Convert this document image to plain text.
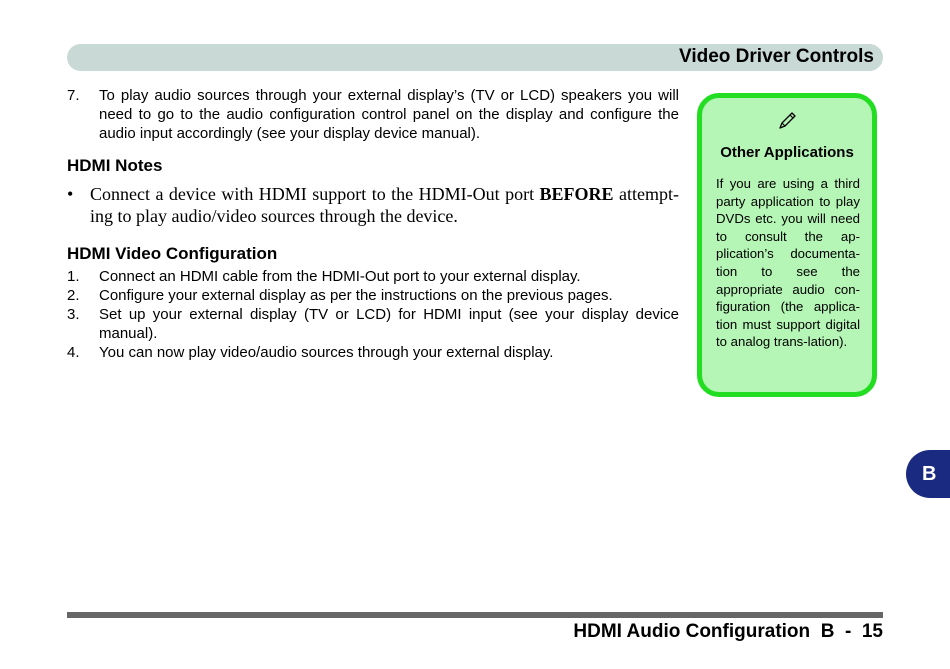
Video Driver Controls
7. To play audio sources through your external display’s (TV or LCD) speakers you will need to go to the audio configuration control panel on the display and configure the audio input accordingly (see your display device manual).
HDMI Notes
• Connect a device with HDMI support to the HDMI-Out port BEFORE attempt-ing to play audio/video sources through the device.
HDMI Video Configuration
1. Connect an HDMI cable from the HDMI-Out port to your external display.
2. Configure your external display as per the instructions on the previous pages.
3. Set up your external display (TV or LCD) for HDMI input (see your display device manual).
4. You can now play video/audio sources through your external display.
Other Applications
If you are using a third party application to play DVDs etc. you will need to consult the ap-plication’s documenta-tion to see the appropriate audio con-figuration (the applica-tion must support digital to analog trans-lation).
B
HDMI Audio Configuration  B  -  15
